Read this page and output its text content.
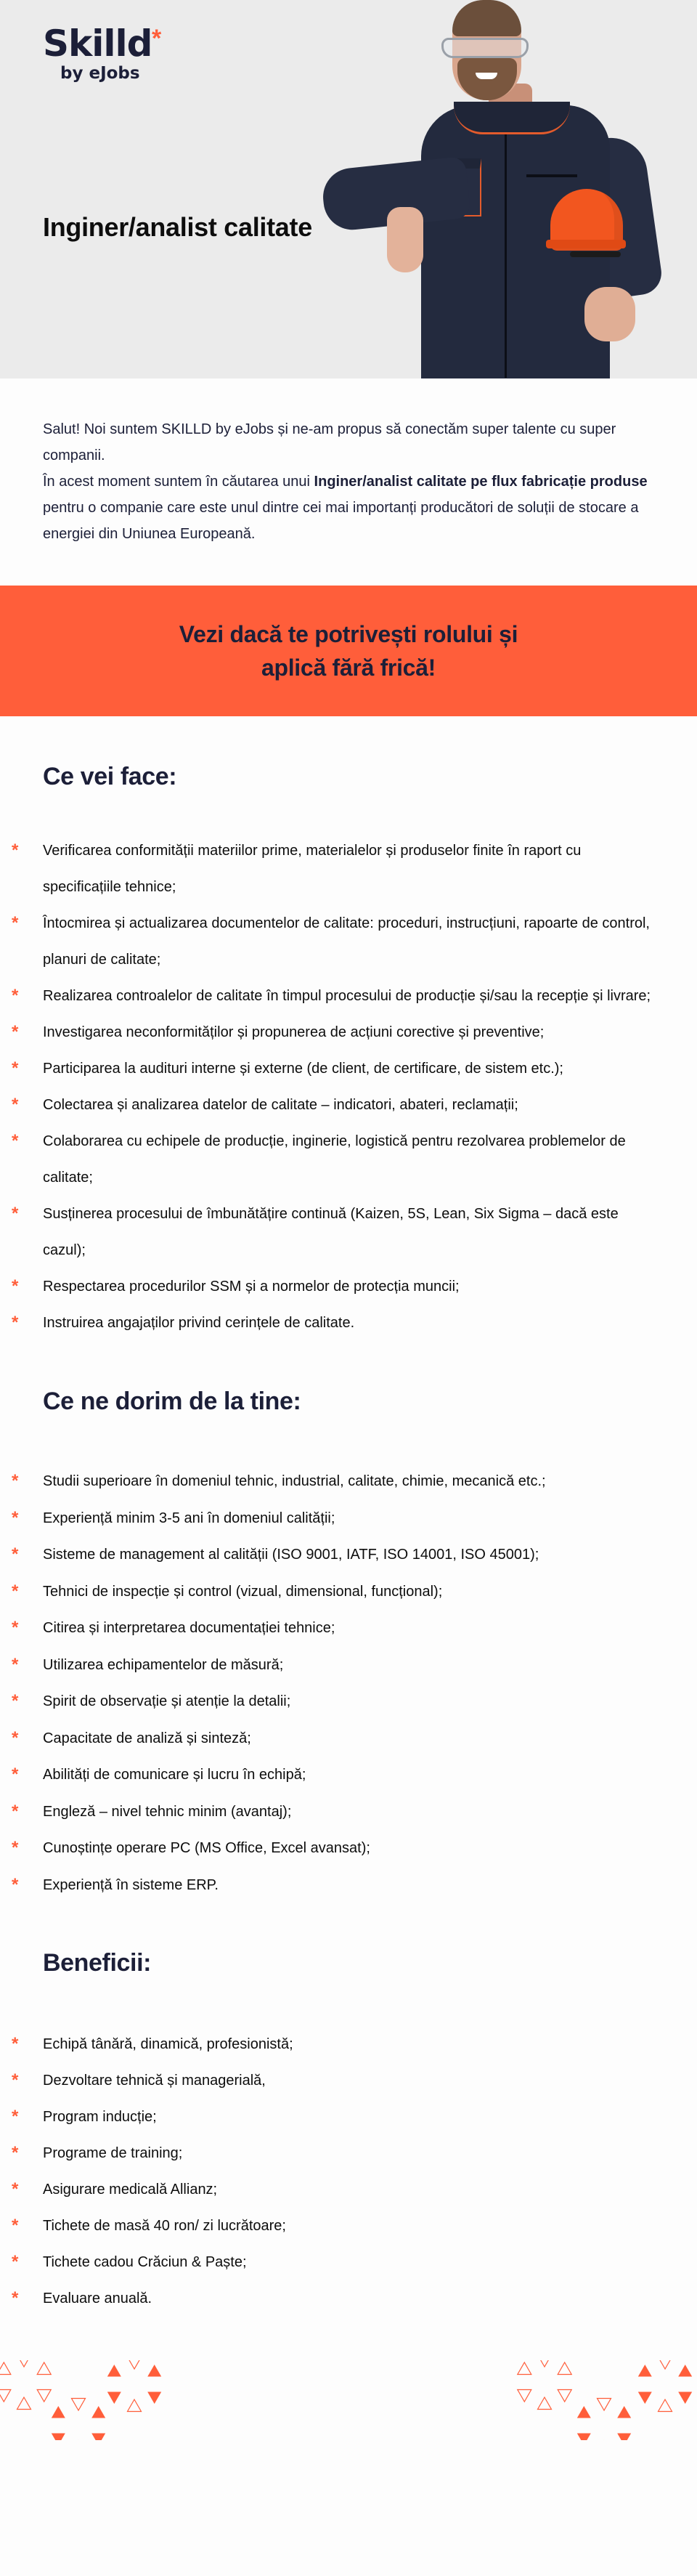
Skilld *
by eJobs
Inginer/analist calitate

Salut! Noi suntem SKILLD by eJobs și ne-am propus să conectăm super talente cu super companii.

În acest moment suntem în căutarea unui Inginer/analist calitate pe flux fabricație produse pentru o companie care este unul dintre cei mai importanți producători de soluții de stocare a energiei din Uniunea Europeană.

Vezi dacă te potrivești rolului și
aplică fără frică!
Ce vei face:
* Verificarea conformității materiilor prime, materialelor și produselor finite în raport cu specificațiile tehnice;
* Întocmirea și actualizarea documentelor de calitate: proceduri, instrucțiuni, rapoarte de control, planuri de calitate;
* Realizarea controalelor de calitate în timpul procesului de producție și/sau la recepție și livrare;
* Investigarea neconformităților și propunerea de acțiuni corective și preventive;
* Participarea la audituri interne și externe (de client, de certificare, de sistem etc.);
* Colectarea și analizarea datelor de calitate – indicatori, abateri, reclamații;
* Colaborarea cu echipele de producție, inginerie, logistică pentru rezolvarea problemelor de calitate;
* Susținerea procesului de îmbunătățire continuă (Kaizen, 5S, Lean, Six Sigma – dacă este cazul);
* Respectarea procedurilor SSM și a normelor de protecția muncii;
* Instruirea angajaților privind cerințele de calitate.
Ce ne dorim de la tine:
* Studii superioare în domeniul tehnic, industrial, calitate, chimie, mecanică etc.;
* Experiență minim 3-5 ani în domeniul calității;
* Sisteme de management al calității (ISO 9001, IATF, ISO 14001, ISO 45001);
* Tehnici de inspecție și control (vizual, dimensional, funcțional);
* Citirea și interpretarea documentației tehnice;
* Utilizarea echipamentelor de măsură;
* Spirit de observație și atenție la detalii;
* Capacitate de analiză și sinteză;
* Abilități de comunicare și lucru în echipă;
* Engleză – nivel tehnic minim (avantaj);
* Cunoștințe operare PC (MS Office, Excel avansat);
* Experiență în sisteme ERP.
Beneficii:
* Echipă tânără, dinamică, profesionistă;
* Dezvoltare tehnică și managerială,
* Program inducție;
* Programe de training;
* Asigurare medicală Allianz;
* Tichete de masă 40 ron/ zi lucrătoare;
* Tichete cadou Crăciun & Paște;
* Evaluare anuală.
